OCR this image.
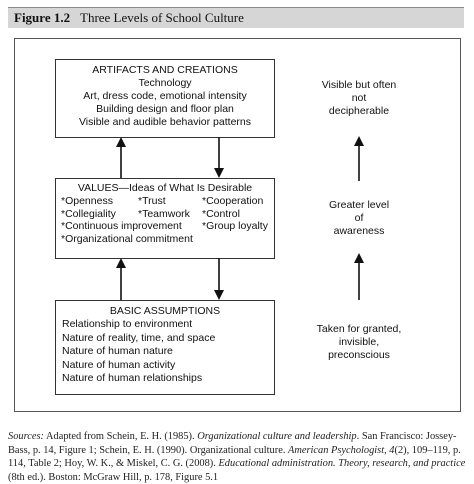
Figure 1.2 Three Levels of School Culture
ARTIFACTS AND CREATIONS
Technology
Art, dress code, emotional intensity
Building design and floor plan
Visible and audible behavior patterns
VALUES—Ideas of What Is Desirable
*Openness *Trust	*Cooperation
*Collegiality *Teamwork *Control
*Continuous improvement *Group loyalty
*Organizational commitment
BASIC ASSUMPTIONS
Relationship to environment
Nature of reality, time, and space
Nature of human nature
Nature of human activity
Nature of human relationships
Visible but often
not
decipherable
Greater level
of
awareness
Taken for granted,
invisible,
preconscious
Sources: Adapted from Schein, E. H. (1985). Organizational culture and leadership. San Francisco: Jossey-Bass, p. 14, Figure 1; Schein, E. H. (1990). Organizational culture. American Psychologist, 4(2), 109–119, p. 114, Table 2; Hoy, W. K., & Miskel, C. G. (2008). Educational administration. Theory, research, and practice (8th ed.). Boston: McGraw Hill, p. 178, Figure 5.1
